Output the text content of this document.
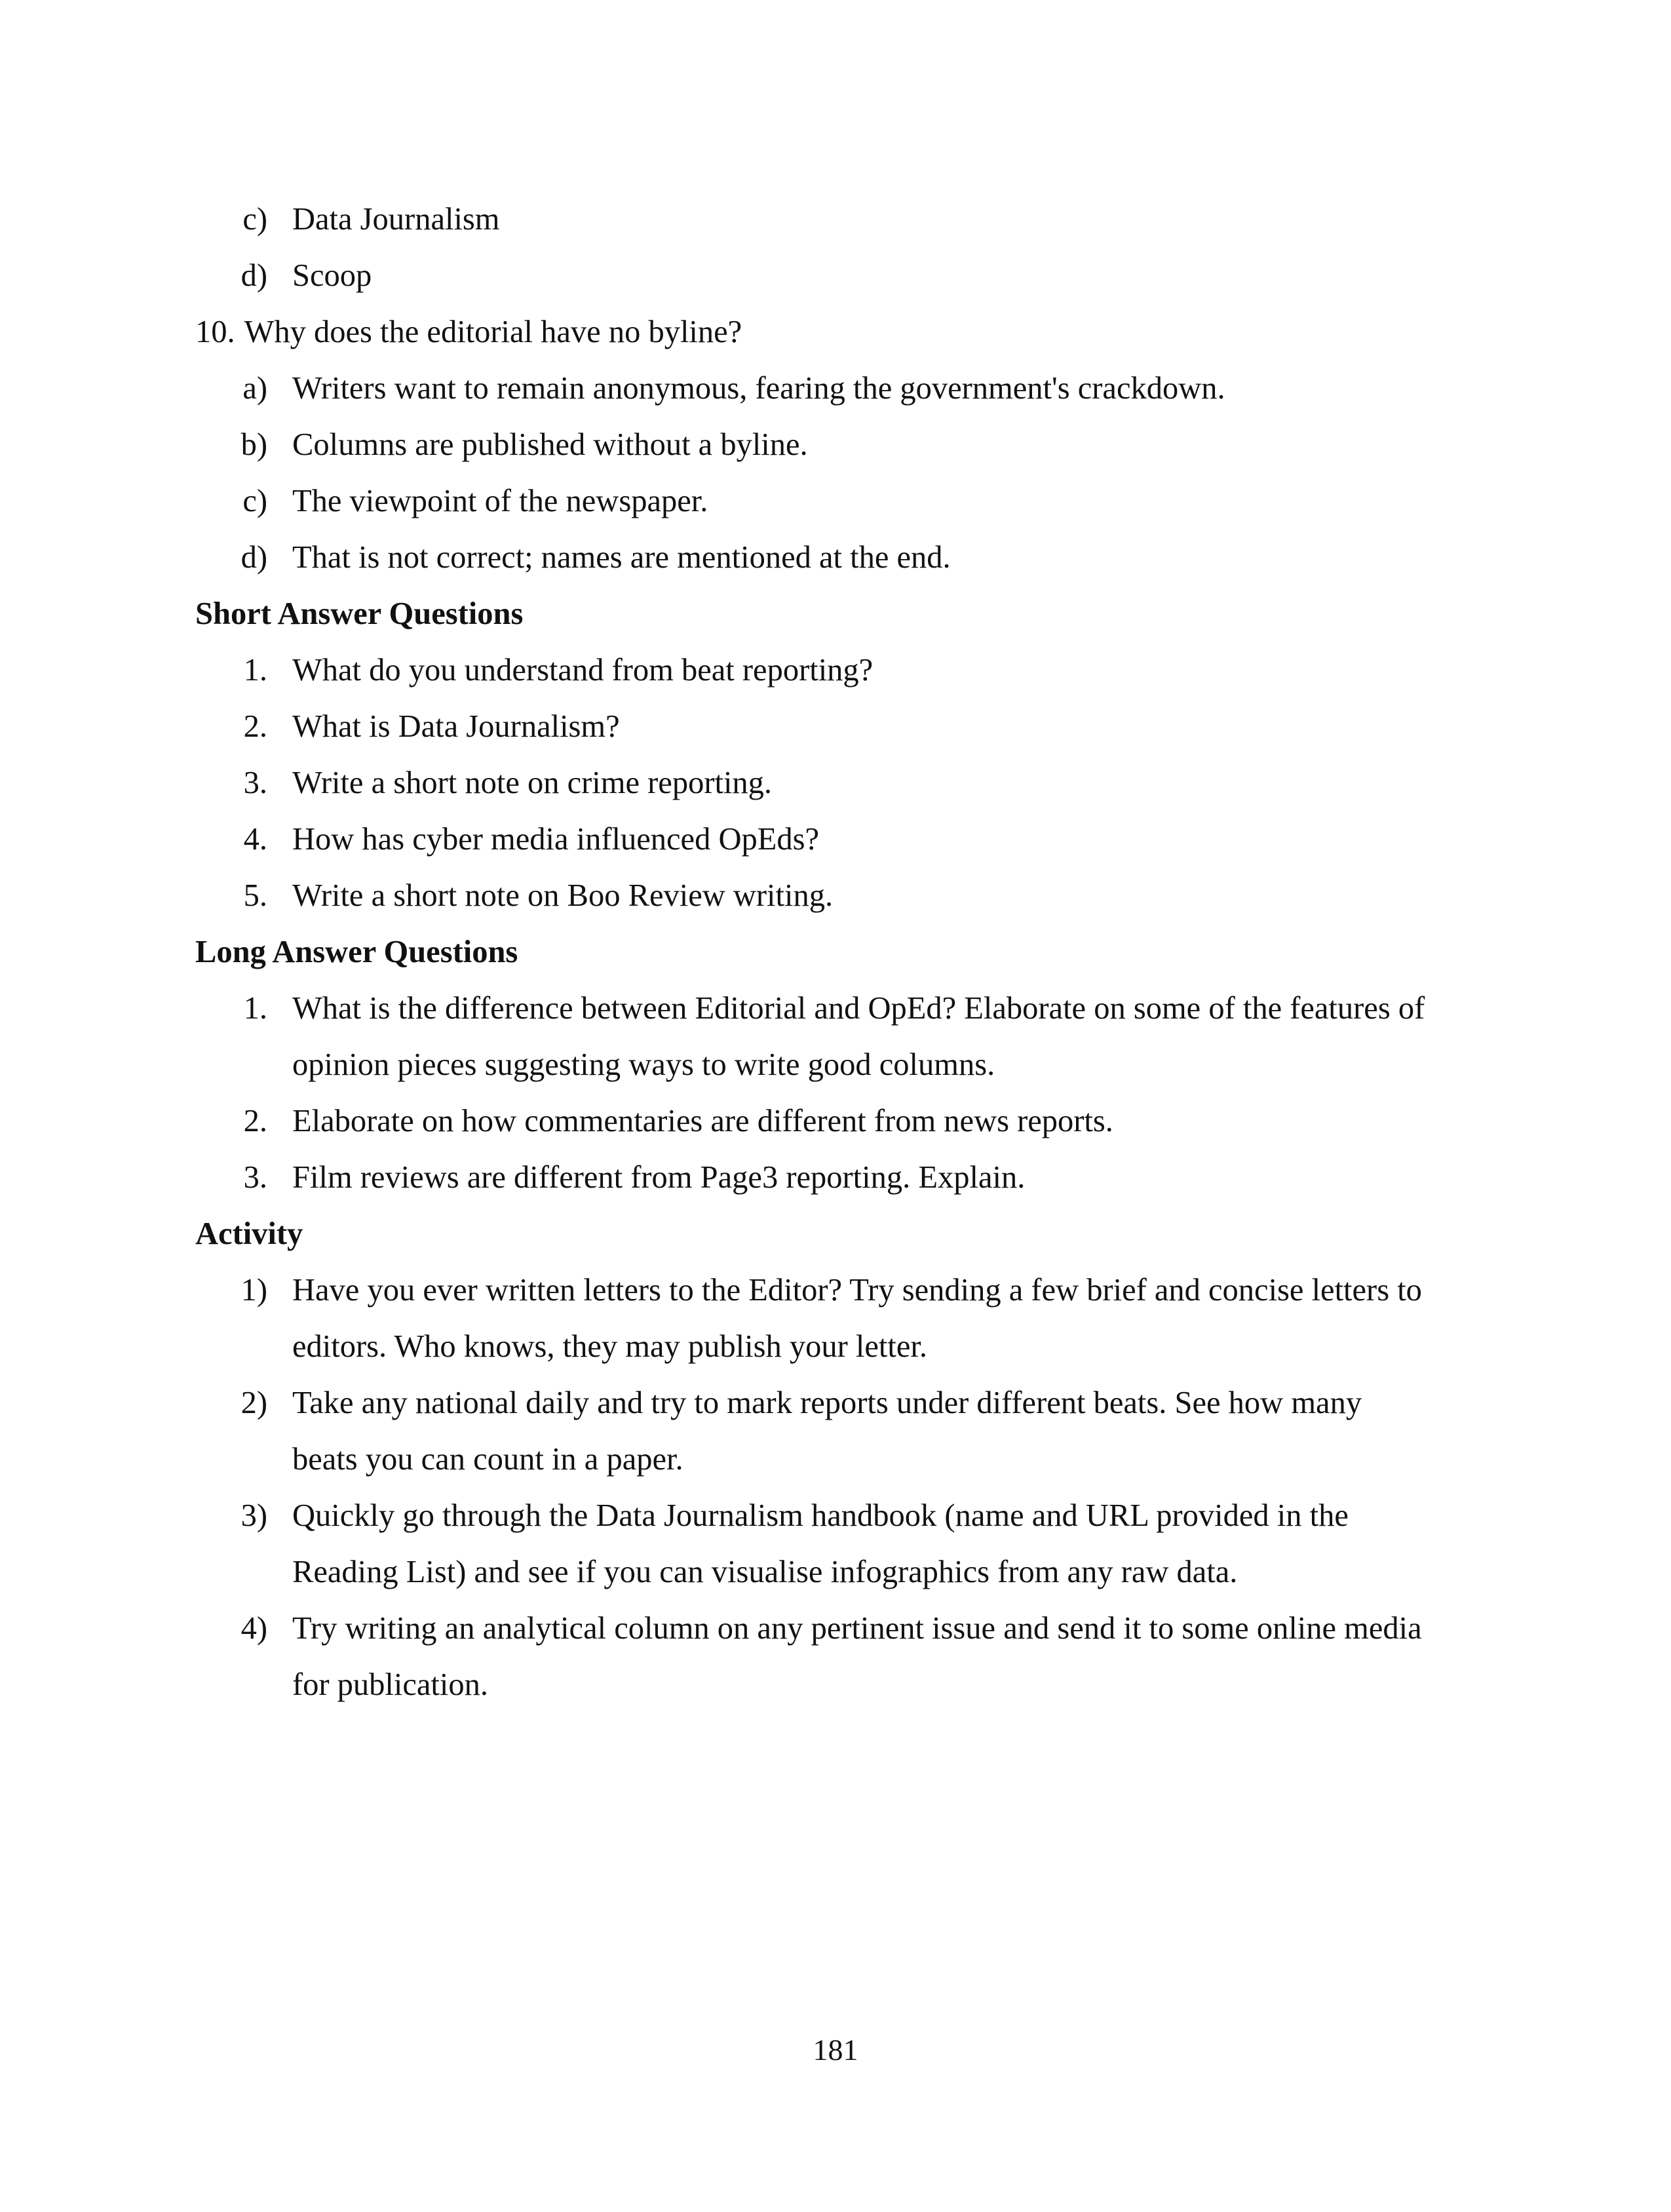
c) Data Journalism
d) Scoop
10. Why does the editorial have no byline?
a) Writers want to remain anonymous, fearing the government's crackdown.
b) Columns are published without a byline.
c) The viewpoint of the newspaper.
d) That is not correct; names are mentioned at the end.
Short Answer Questions
1. What do you understand from beat reporting?
2. What is Data Journalism?
3. Write a short note on crime reporting.
4. How has cyber media influenced OpEds?
5. Write a short note on Boo Review writing.
Long Answer Questions
1. What is the difference between Editorial and OpEd? Elaborate on some of the features of
opinion pieces suggesting ways to write good columns.
2. Elaborate on how commentaries are different from news reports.
3. Film reviews are different from Page3 reporting. Explain.
Activity
1) Have you ever written letters to the Editor? Try sending a few brief and concise letters to
editors. Who knows, they may publish your letter.
2) Take any national daily and try to mark reports under different beats. See how many
beats you can count in a paper.
3) Quickly go through the Data Journalism handbook (name and URL provided in the
Reading List) and see if you can visualise infographics from any raw data.
4) Try writing an analytical column on any pertinent issue and send it to some online media
for publication.
181
